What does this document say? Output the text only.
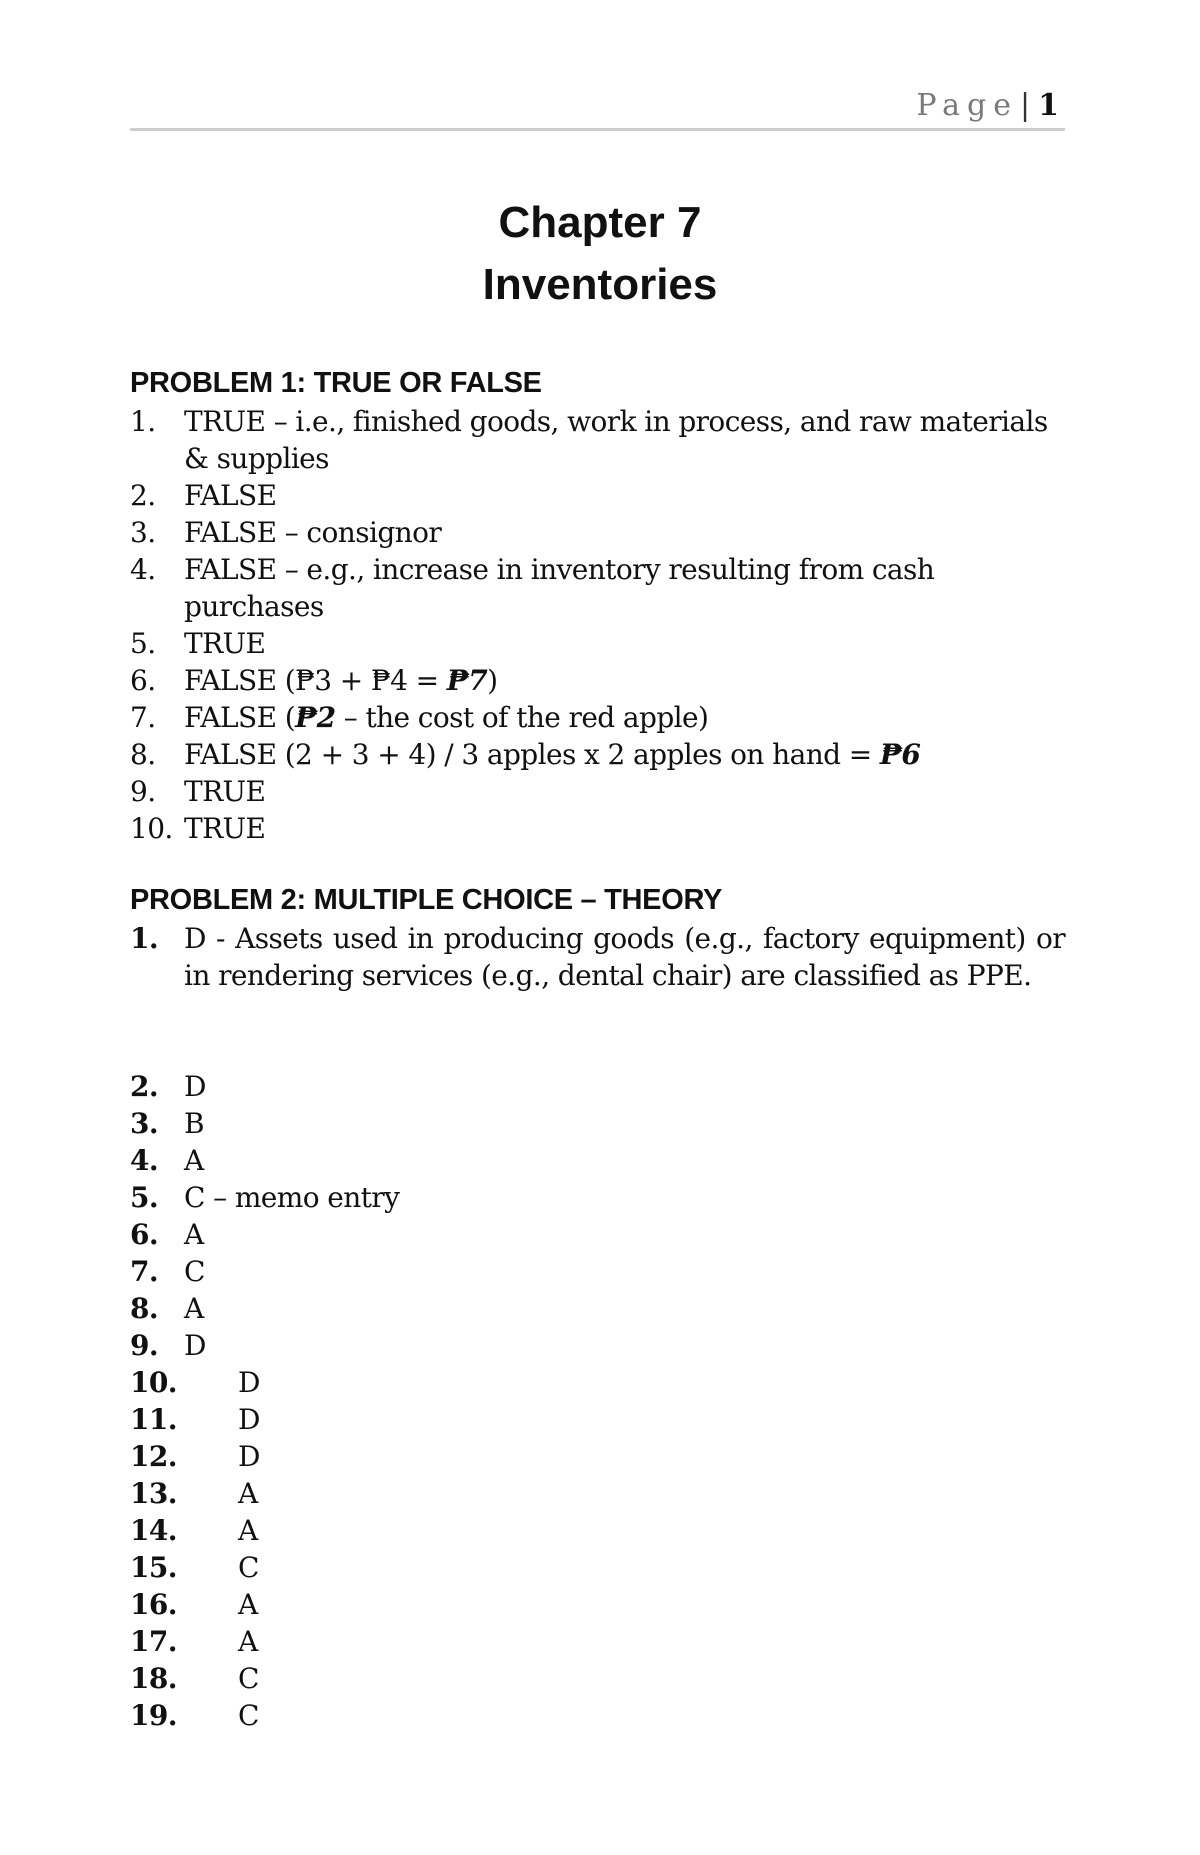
Page| 1
Chapter 7
Inventories
PROBLEM 1: TRUE OR FALSE
1.	TRUE – i.e., finished goods, work in process, and raw materials & supplies
2.	FALSE
3.	FALSE – consignor
4.	FALSE – e.g., increase in inventory resulting from cash purchases
5.	TRUE
6.	FALSE (₱3 + ₱4 = ₱7)
7.	FALSE (₱2 – the cost of the red apple)
8.	FALSE (2 + 3 + 4) / 3 apples x 2 apples on hand = ₱6
9.	TRUE
10. TRUE
PROBLEM 2: MULTIPLE CHOICE – THEORY
1. D - Assets used in producing goods (e.g., factory equipment) or in rendering services (e.g., dental chair) are classified as PPE.
2. D
3. B
4. A
5. C – memo entry
6. A
7. C
8. A
9. D
10.	D
11.	D
12.	D
13.	A
14.	A
15.	C
16.	A
17.	A
18.	C
19.	C
